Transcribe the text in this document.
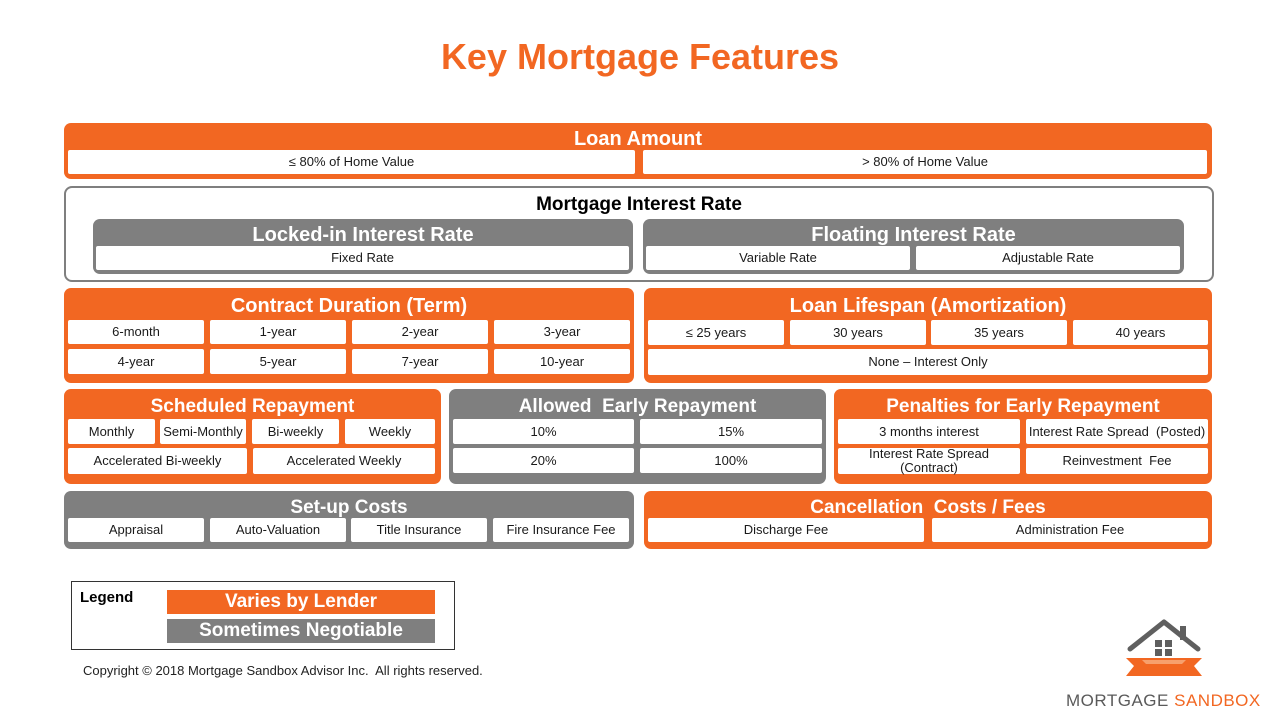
Key Mortgage Features
Loan Amount
≤ 80% of Home Value	> 80% of Home Value
Mortgage Interest Rate
Locked-in Interest Rate
Fixed Rate
Floating Interest Rate
Variable Rate	Adjustable Rate
Contract Duration (Term)
6-month	1-year	2-year	3-year
4-year	5-year	7-year	10-year
Loan Lifespan (Amortization)
≤ 25 years	30 years	35 years	40 years
None – Interest Only
Scheduled Repayment
Monthly	Semi-Monthly	Bi-weekly	Weekly
Accelerated Bi-weekly	Accelerated Weekly
Allowed  Early Repayment
10%	15%
20%	100%
Penalties for Early Repayment
3 months interest	Interest Rate Spread  (Posted)
Interest Rate Spread (Contract)	Reinvestment  Fee
Set-up Costs
Appraisal	Auto-Valuation	Title Insurance	Fire Insurance Fee
Cancellation  Costs / Fees
Discharge Fee	Administration Fee
Legend	Varies by Lender
Sometimes Negotiable
Copyright © 2018 Mortgage Sandbox Advisor Inc.  All rights reserved.
MORTGAGE SANDBOX
